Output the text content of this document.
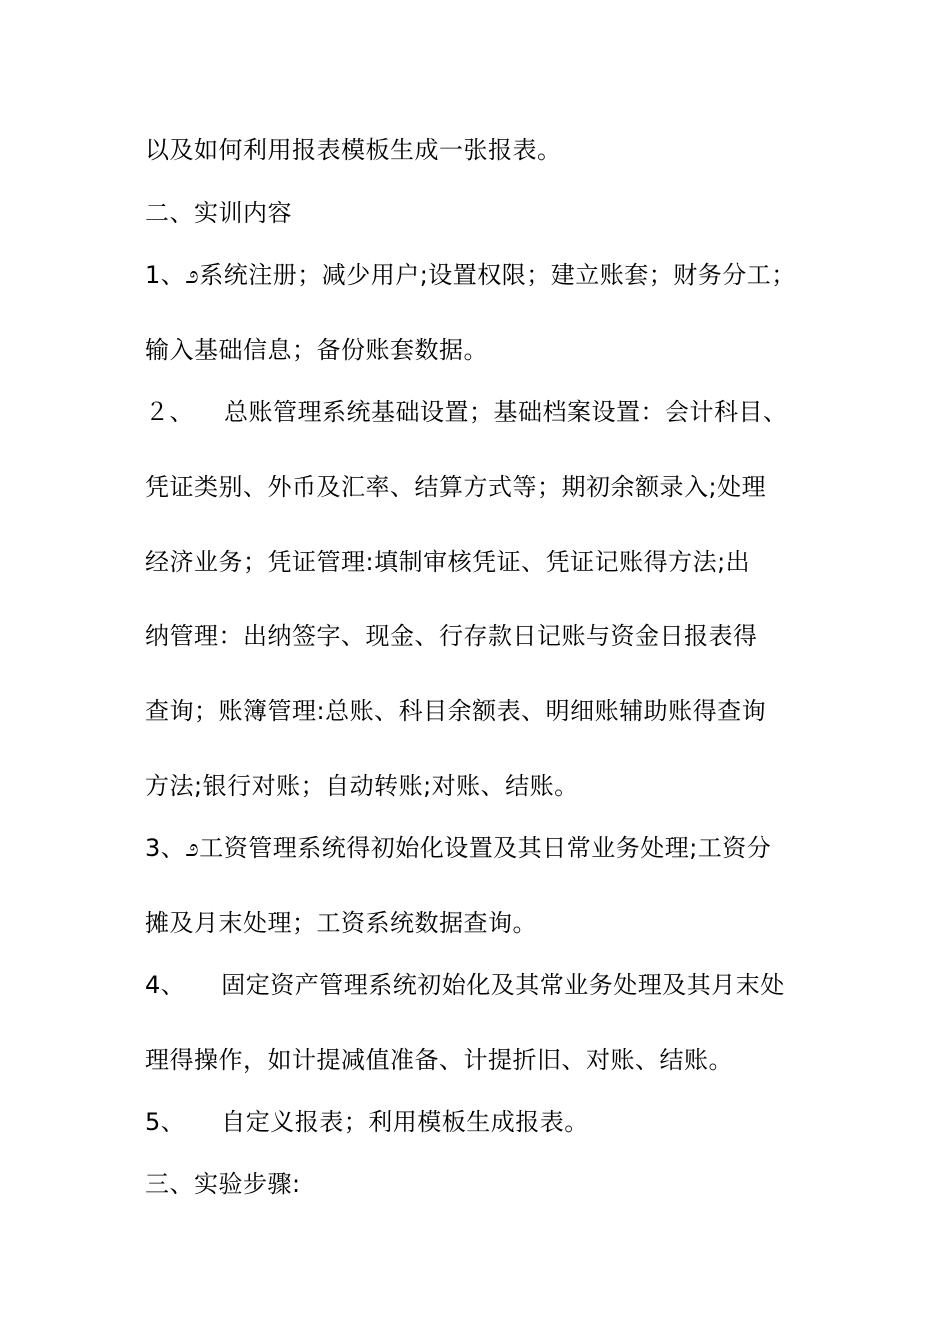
以及如何利用报表模板生成一张报表。
二、实训内容
1、೨系统注册；减少用户;设置权限；建立账套；财务分工；
输入基础信息；备份账套数据。
２、 总账管理系统基础设置；基础档案设置：会计科目、
凭证类别、外币及汇率、结算方式等；期初余额录入;处理
经济业务；凭证管理:填制审核凭证、凭证记账得方法;出
纳管理：出纳签字、现金、行存款日记账与资金日报表得
查询；账簿管理:总账、科目余额表、明细账辅助账得查询
方法;银行对账；自动转账;对账、结账。
3、೨工资管理系统得初始化设置及其日常业务处理;工资分
摊及月末处理；工资系统数据查询。
4、 固定资产管理系统初始化及其常业务处理及其月末处
理得操作，如计提减值准备、计提折旧、对账、结账。
5、 自定义报表；利用模板生成报表。
三、实验步骤:
